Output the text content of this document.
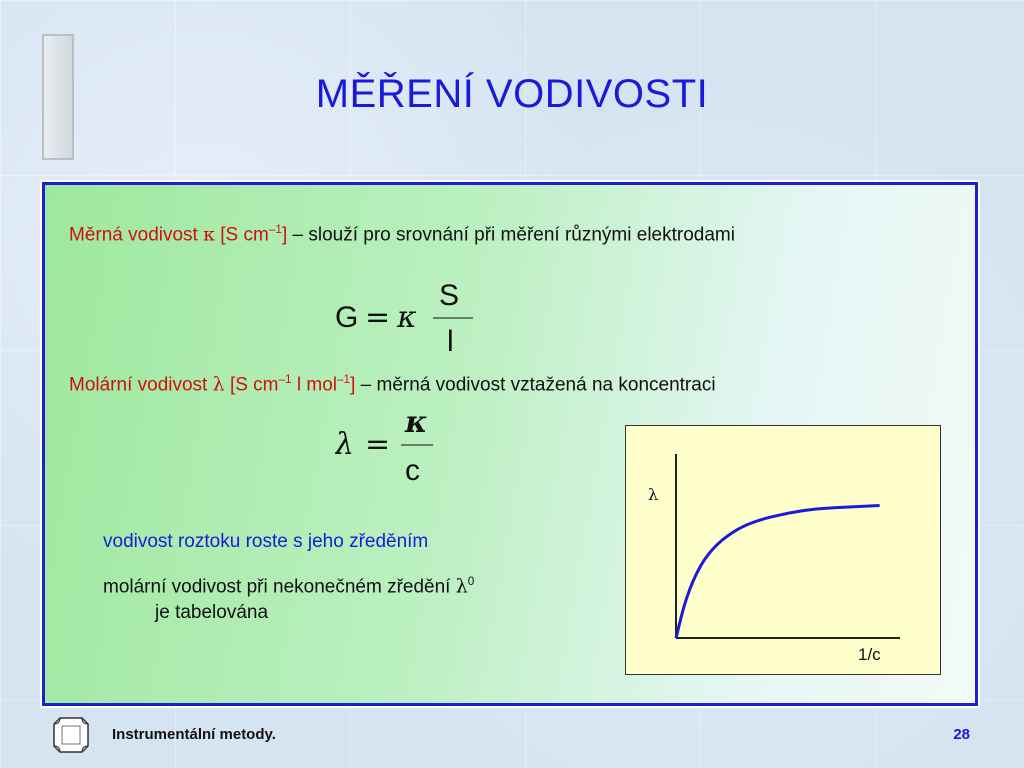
MĚŘENÍ VODIVOSTI
Měrná vodivost κ [S $cm^{-1}$] – slouží pro srovnání při měření různými elektrodami
G = κ
S
l
Molární vodivost λ [S $cm^{-1}$ l mol$^{-1}$] – měrná vodivost vztažená na koncentraci
λ =
κ
c
vodivost roztoku roste s jeho zředěním
molární vodivost při nekonečném zředění $\lambda^0$
je tabelována
λ
1/c
Instrumentální metody.	28
